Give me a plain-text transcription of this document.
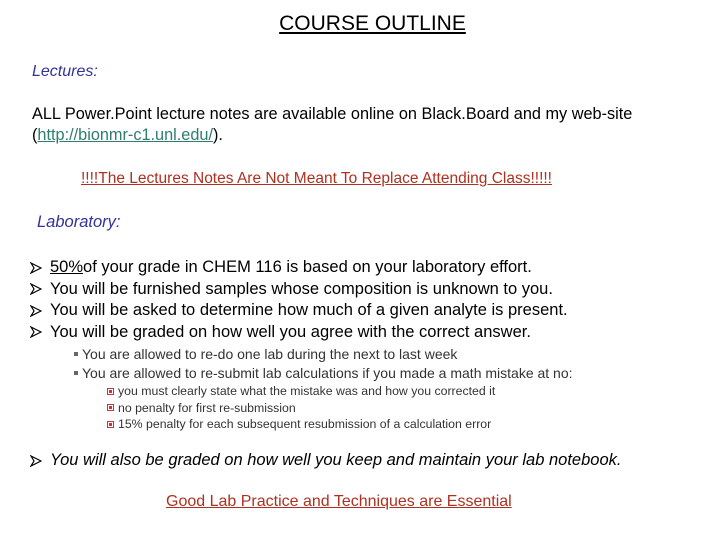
COURSE OUTLINE
Lectures:
ALL Power.Point lecture notes are available online on Black.Board and my web-site (http://bionmr-c1.unl.edu/).
!!!!The Lectures Notes Are Not Meant To Replace Attending Class!!!!!
Laboratory:
50% of your grade in CHEM 116 is based on your laboratory effort.
You will be furnished samples whose composition is unknown to you.
You will be asked to determine how much of a given analyte is present.
You will be graded on how well you agree with the correct answer.
You are allowed to re-do one lab during the next to last week
You are allowed to re-submit lab calculations if you made a math mistake at no:
you must clearly state what the mistake was and how you corrected it
no penalty for first re-submission
15% penalty for each subsequent resubmission of a calculation error
You will also be graded on how well you keep and maintain your lab notebook.
Good Lab Practice and Techniques are Essential
